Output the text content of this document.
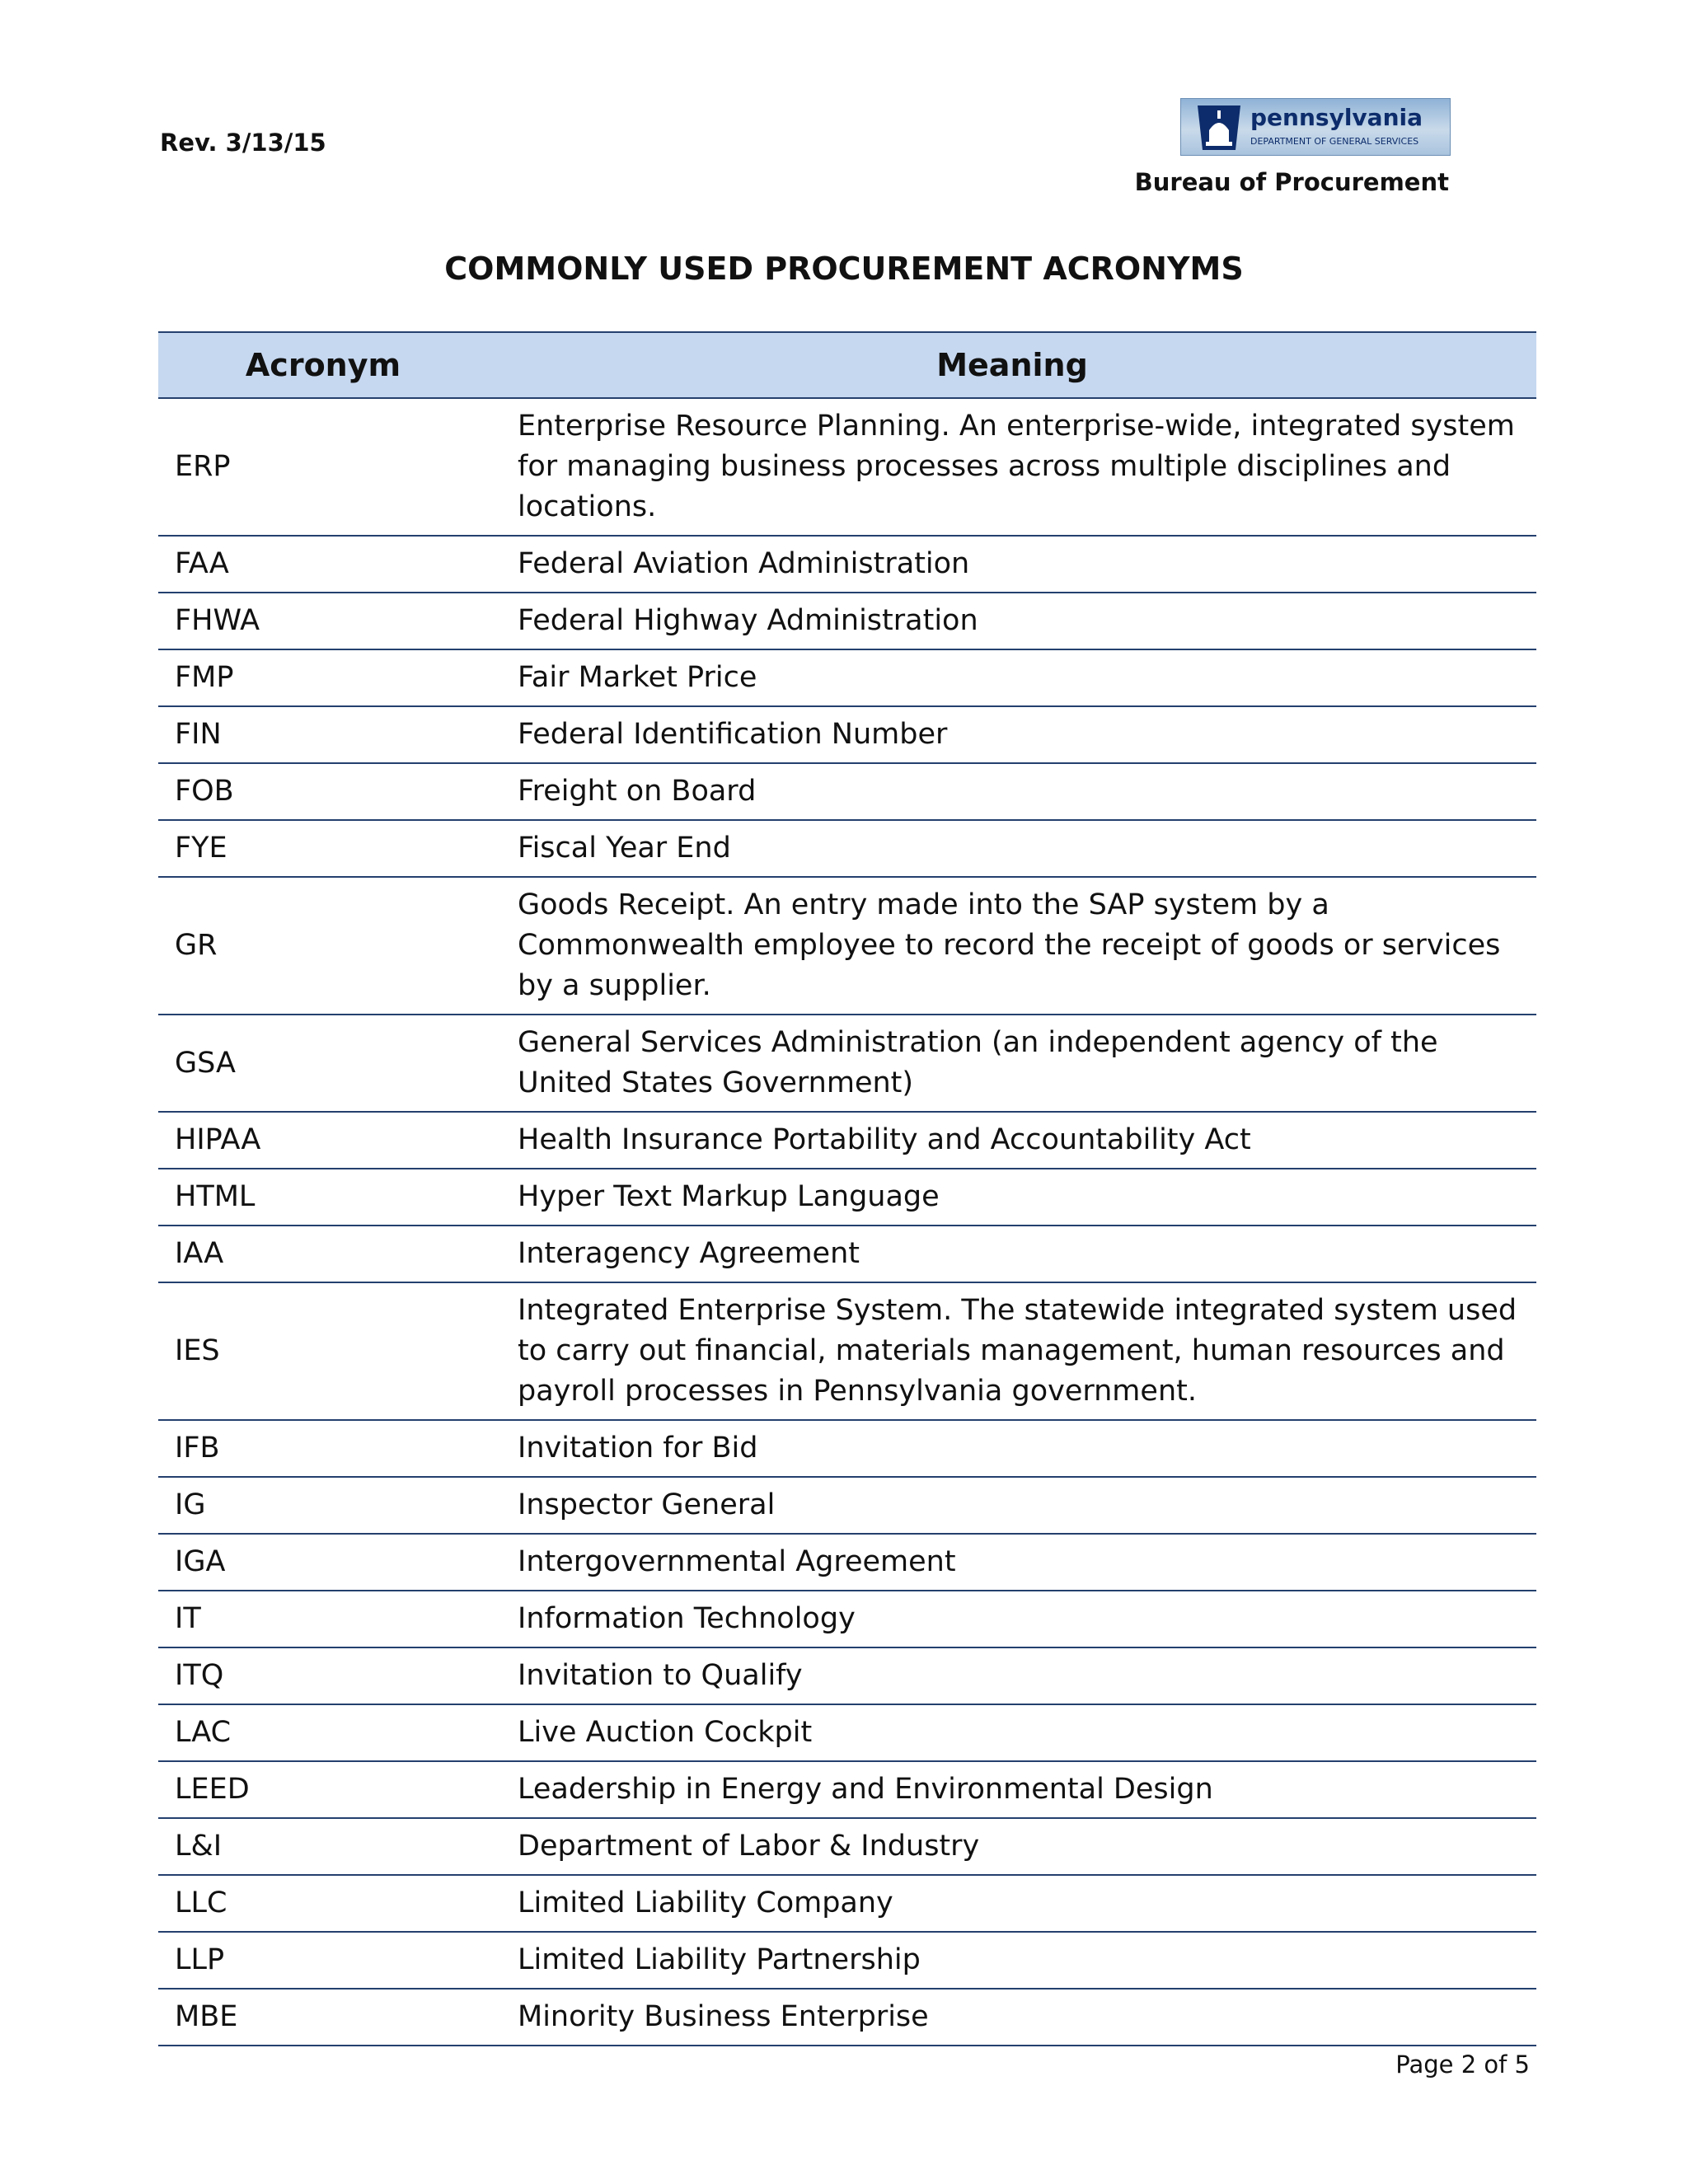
Rev. 3/13/15
pennsylvania
DEPARTMENT OF GENERAL SERVICES
Bureau of Procurement
COMMONLY USED PROCUREMENT ACRONYMS
Acronym	Meaning
ERP	Enterprise Resource Planning. An enterprise-wide, integrated system for managing business processes across multiple disciplines and locations.
FAA	Federal Aviation Administration
FHWA	Federal Highway Administration
FMP	Fair Market Price
FIN	Federal Identification Number
FOB	Freight on Board
FYE	Fiscal Year End
GR	Goods Receipt. An entry made into the SAP system by a Commonwealth employee to record the receipt of goods or services by a supplier.
GSA	General Services Administration (an independent agency of the United States Government)
HIPAA	Health Insurance Portability and Accountability Act
HTML	Hyper Text Markup Language
IAA	Interagency Agreement
IES	Integrated Enterprise System. The statewide integrated system used to carry out financial, materials management, human resources and payroll processes in Pennsylvania government.
IFB	Invitation for Bid
IG	Inspector General
IGA	Intergovernmental Agreement
IT	Information Technology
ITQ	Invitation to Qualify
LAC	Live Auction Cockpit
LEED	Leadership in Energy and Environmental Design
L&I	Department of Labor & Industry
LLC	Limited Liability Company
LLP	Limited Liability Partnership
MBE	Minority Business Enterprise
Page 2 of 5
